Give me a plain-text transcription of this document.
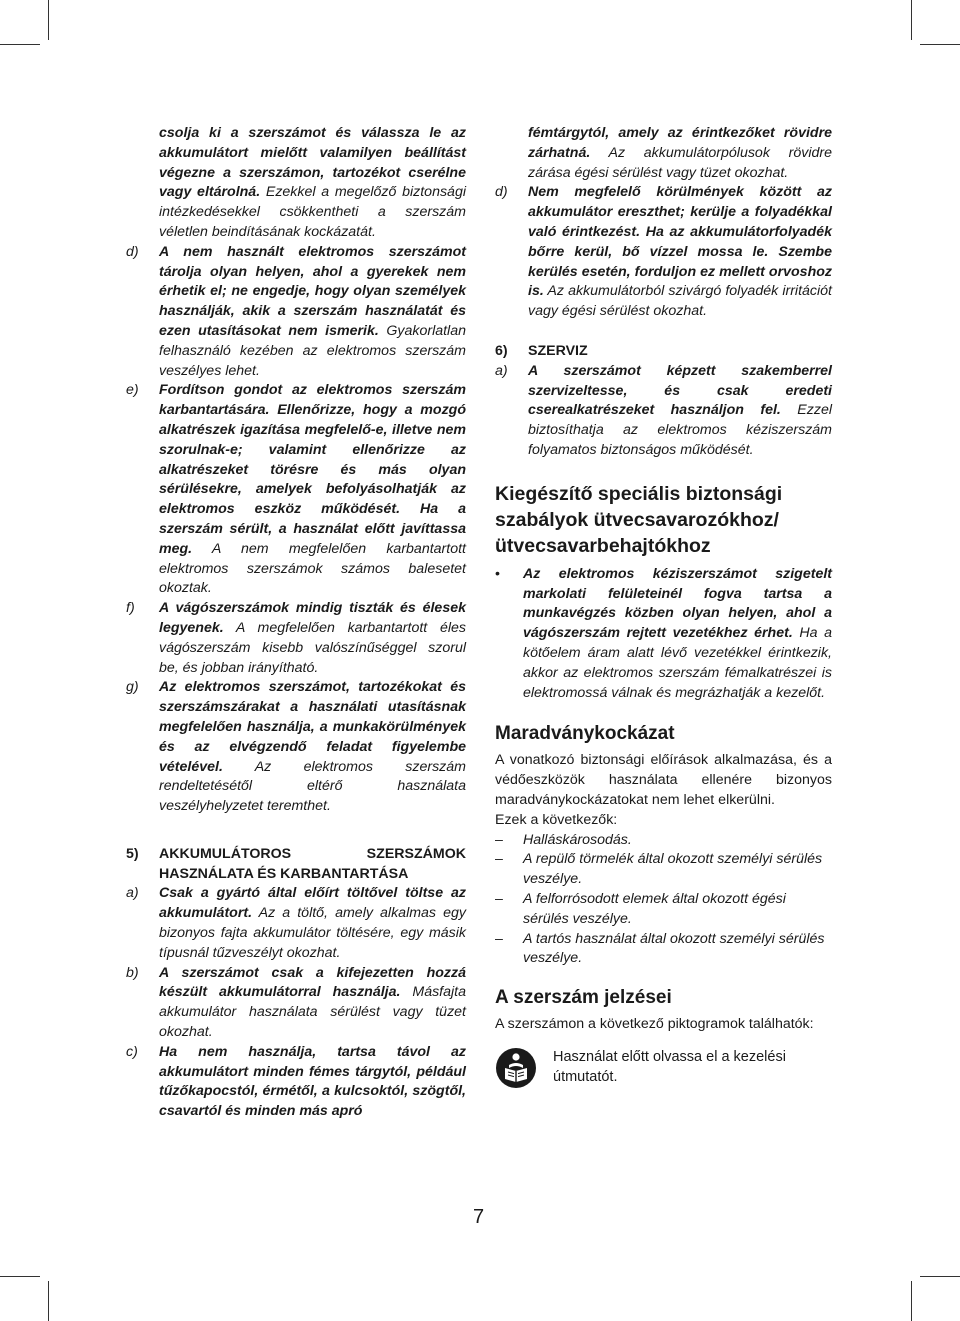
csolja ki a szerszámot és válassza le az akkumulátort mielőtt valamilyen beállítást végezne a szerszámon, tartozékot cserélne vagy eltárolná. Ezekkel a megelőző biztonsági intézkedésekkel csökkentheti a szerszám véletlen beindításának kockázatát.
d)	A nem használt elektromos szerszámot tárolja olyan helyen, ahol a gyerekek nem érhetik el; ne engedje, hogy olyan személyek használják, akik a szerszám használatát és ezen utasításokat nem ismerik. Gyakorlatlan felhasználó kezében az elektromos szerszám veszélyes lehet.
e)	Fordítson gondot az elektromos szerszám karbantartására. Ellenőrizze, hogy a mozgó alkatrészek igazítása megfelelő-e, illetve nem szorulnak-e; valamint ellenőrizze az alkatrészeket törésre és más olyan sérülésekre, amelyek befolyásolhatják az elektromos eszköz működését. Ha a szerszám sérült, a használat előtt javíttassa meg. A nem megfelelően karbantartott elektromos szerszámok számos balesetet okoztak.
f)	A vágószerszámok mindig tiszták és élesek legyenek. A megfelelően karbantartott éles vágószerszám kisebb valószínűséggel szorul be, és jobban irányítható.
g)	Az elektromos szerszámot, tartozékokat és szerszámszárakat a használati utasításnak megfelelően használja, a munkakörülmények és az elvégzendő feladat figyelembe vételével. Az elektromos szerszám rendeltetésétől eltérő használata veszélyhelyzetet teremthet.
5)	AKKUMULÁTOROS SZERSZÁMOK HASZNÁLATA ÉS KARBANTARTÁSA
a)	Csak a gyártó által előírt töltővel töltse az akkumulátort. Az a töltő, amely alkalmas egy bizonyos fajta akkumulátor töltésére, egy másik típusnál tűzveszélyt okozhat.
b)	A szerszámot csak a kifejezetten hozzá készült akkumulátorral használja. Másfajta akkumulátor használata sérülést vagy tüzet okozhat.
c)	Ha nem használja, tartsa távol az akkumulátort minden fémes tárgytól, például tűzőkapocstól, érmétől, a kulcsoktól, szögtől, csavartól és minden más apró
fémtárgytól, amely az érintkezőket rövidre zárhatná. Az akkumulátorpólusok rövidre zárása égési sérülést vagy tüzet okozhat.
d)	Nem megfelelő körülmények között az akkumulátor ereszthet; kerülje a folyadékkal való érintkezést. Ha az akkumulátorfolyadék bőrre kerül, bő vízzel mossa le. Szembe kerülés esetén, forduljon ez mellett orvoshoz is. Az akkumulátorból szivárgó folyadék irritációt vagy égési sérülést okozhat.
6)	SZERVIZ
a)	A szerszámot képzett szakemberrel szervizeltesse, és csak eredeti cserealkatrészeket használjon fel. Ezzel biztosíthatja az elektromos kéziszerszám folyamatos biztonságos működését.
Kiegészítő speciális biztonsági szabályok ütvecsavarozókhoz/ ütvecsavarbehajtókhoz
•	Az elektromos kéziszerszámot szigetelt markolati felületeinél fogva tartsa a munkavégzés közben olyan helyen, ahol a vágószerszám rejtett vezetékhez érhet. Ha a kötőelem áram alatt lévő vezetékkel érintkezik, akkor az elektromos szerszám fémalkatrészei is elektromossá válnak és megrázhatják a kezelőt.
Maradványkockázat
A vonatkozó biztonsági előírások alkalmazása, és a védőeszközök használata ellenére bizonyos maradványkockázatokat nem lehet elkerülni.
Ezek a következők:
–	Halláskárosodás.
–	A repülő törmelék által okozott személyi sérülés veszélye.
–	A felforrósodott elemek által okozott égési sérülés veszélye.
–	A tartós használat által okozott személyi sérülés veszélye.
A szerszám jelzései
A szerszámon a következő piktogramok találhatók:
Használat előtt olvassa el a kezelési útmutatót.
7
